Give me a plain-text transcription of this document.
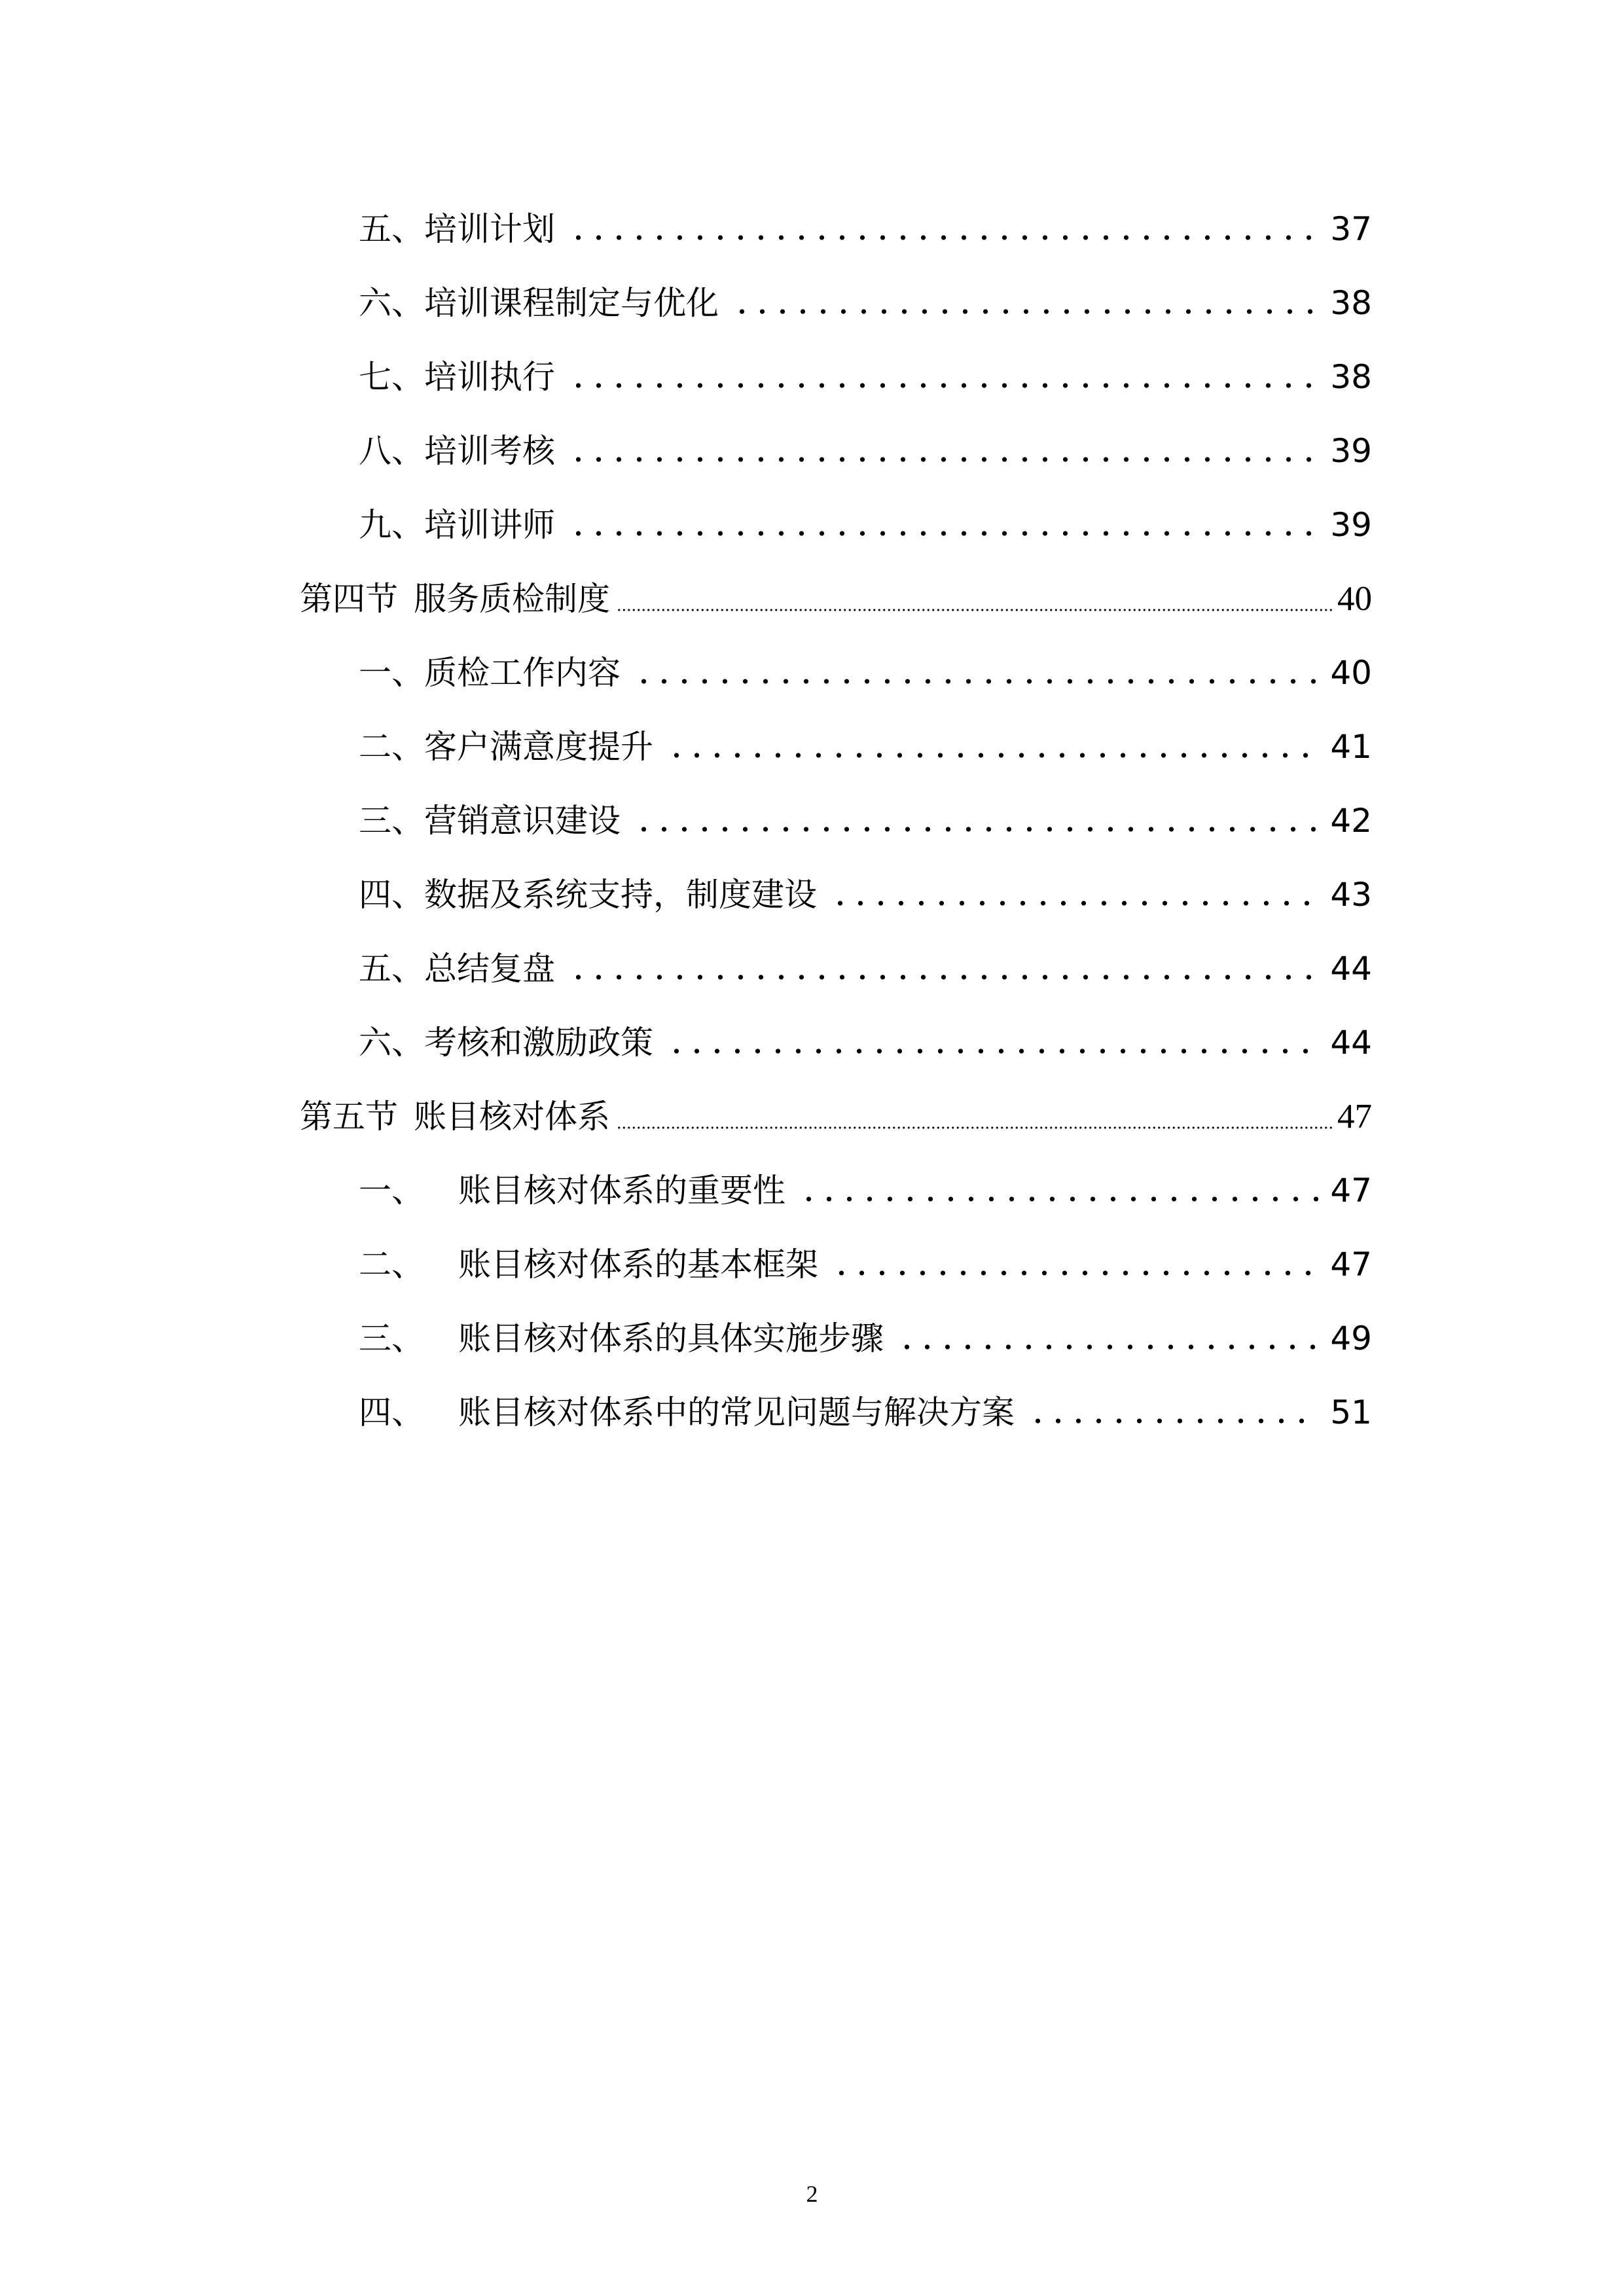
五、培训计划	37
六、培训课程制定与优化	38
七、培训执行	38
八、培训考核	39
九、培训讲师	39
第四节 服务质检制度	40
一、质检工作内容	40
二、客户满意度提升	41
三、营销意识建设	42
四、数据及系统支持，制度建设	43
五、总结复盘	44
六、考核和激励政策	44
第五节 账目核对体系	47
一、 账目核对体系的重要性	47
二、 账目核对体系的基本框架	47
三、 账目核对体系的具体实施步骤	49
四、 账目核对体系中的常见问题与解决方案	51
2
